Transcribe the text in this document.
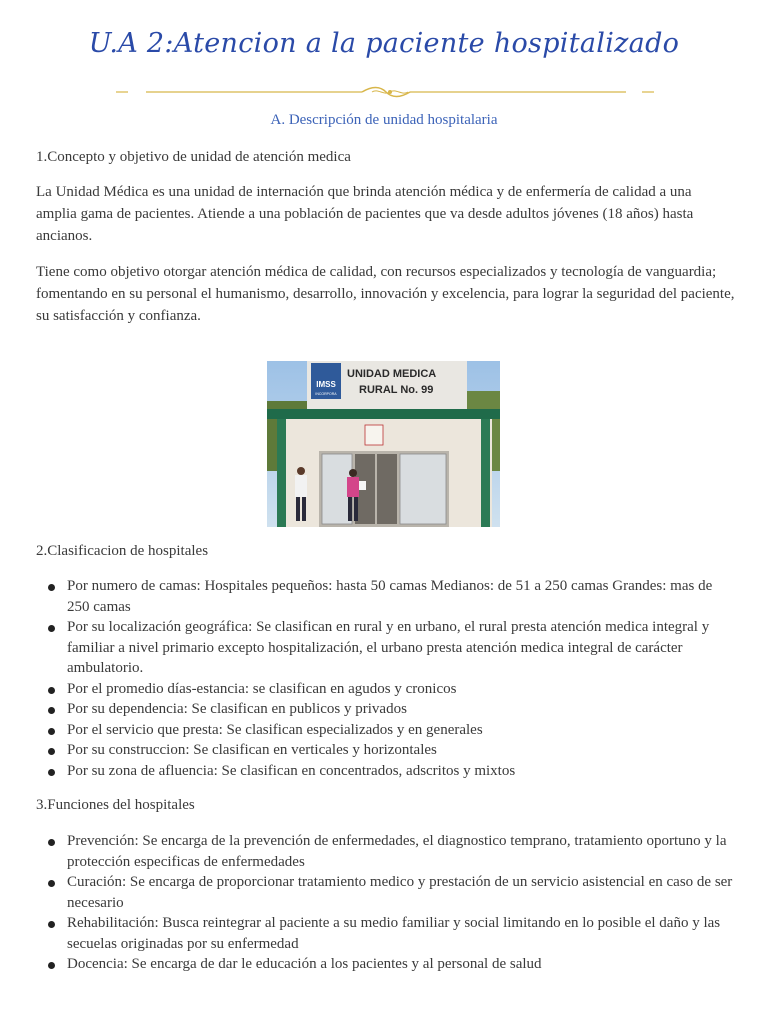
U.A 2:Atencion a la paciente hospitalizado
A. Descripción de unidad hospitalaria
1.Concepto y objetivo de unidad de atención medica
La Unidad Médica es una unidad de internación que brinda atención médica y de enfermería de calidad a una amplia gama de pacientes. Atiende a una población de pacientes que va desde adultos jóvenes (18 años) hasta ancianos.
Tiene como objetivo otorgar atención médica de calidad, con recursos especializados y tecnología de vanguardia; fomentando en su personal el humanismo, desarrollo, innovación y excelencia, para lograr la seguridad del paciente, su satisfacción y confianza.
IMSS
INCORPORA
UNIDAD MEDICA
RURAL No. 99
2.Clasificacion de hospitales
Por numero de camas: Hospitales pequeños: hasta 50 camas Medianos: de 51 a 250 camas Grandes: mas de 250 camas
Por su localización geográfica: Se clasifican en rural y en urbano, el rural presta atención medica integral y familiar a nivel primario excepto hospitalización, el urbano presta atención medica integral de carácter ambulatorio.
Por el promedio días-estancia: se clasifican en agudos y cronicos
Por su dependencia: Se clasifican en publicos y privados
Por el servicio que presta: Se clasifican especializados y en generales
Por su construccion: Se clasifican en verticales y horizontales
Por su zona de afluencia: Se clasifican en concentrados, adscritos y mixtos
3.Funciones del hospitales
Prevención: Se encarga de la prevención de enfermedades, el diagnostico temprano, tratamiento oportuno y la protección especificas de enfermedades
Curación: Se encarga de proporcionar tratamiento medico y prestación de un servicio asistencial en caso de ser necesario
Rehabilitación: Busca reintegrar al paciente a su medio familiar y social limitando en lo posible el daño y las secuelas originadas por su enfermedad
Docencia: Se encarga de dar le educación a los pacientes y al personal de salud
